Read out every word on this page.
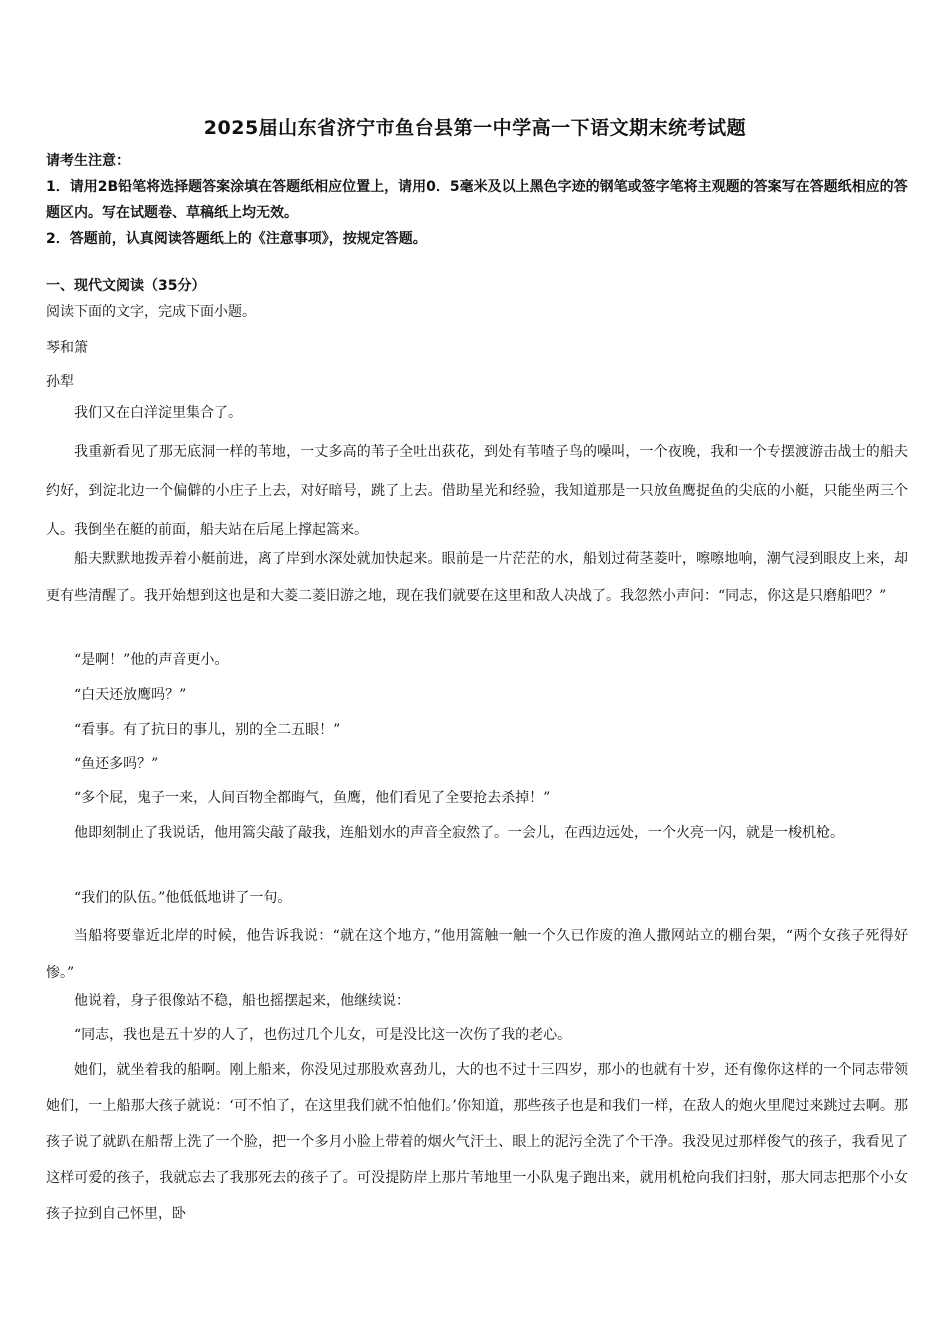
2025届山东省济宁市鱼台县第一中学高一下语文期末统考试题
请考生注意：

1．请用2B铅笔将选择题答案涂填在答题纸相应位置上，请用0．5毫米及以上黑色字迹的钢笔或签字笔将主观题的答案写在答题纸相应的答题区内。写在试题卷、草稿纸上均无效。

2．答题前，认真阅读答题纸上的《注意事项》，按规定答题。

一、现代文阅读（35分）
阅读下面的文字，完成下面小题。
琴和箫
孙犁

我们又在白洋淀里集合了。

我重新看见了那无底洞一样的苇地，一丈多高的苇子全吐出荻花，到处有苇喳子鸟的噪叫，一个夜晚，我和一个专摆渡游击战士的船夫约好，到淀北边一个偏僻的小庄子上去，对好暗号，跳了上去。借助星光和经验，我知道那是一只放鱼鹰捉鱼的尖底的小艇，只能坐两三个人。我倒坐在艇的前面，船夫站在后尾上撑起篙来。

船夫默默地拨弄着小艇前进，离了岸到水深处就加快起来。眼前是一片茫茫的水，船划过荷茎菱叶，嚓嚓地响，潮气浸到眼皮上来，却更有些清醒了。我开始想到这也是和大菱二菱旧游之地，现在我们就要在这里和敌人决战了。我忽然小声问：“同志，你这是只磨船吧？”

“是啊！”他的声音更小。

“白天还放鹰吗？”

“看事。有了抗日的事儿，别的全二五眼！”

“鱼还多吗？”

“多个屁，鬼子一来，人间百物全都晦气，鱼鹰，他们看见了全要抢去杀掉！”

他即刻制止了我说话，他用篙尖敲了敲我，连船划水的声音全寂然了。一会儿，在西边远处，一个火亮一闪，就是一梭机枪。

“我们的队伍。”他低低地讲了一句。

当船将要靠近北岸的时候，他告诉我说：“就在这个地方，”他用篙触一触一个久已作废的渔人撒网站立的棚台架，“两个女孩子死得好惨。”

他说着，身子很像站不稳，船也摇摆起来，他继续说：

“同志，我也是五十岁的人了，也伤过几个儿女，可是没比这一次伤了我的老心。

她们，就坐着我的船啊。刚上船来，你没见过那股欢喜劲儿，大的也不过十三四岁，那小的也就有十岁，还有像你这样的一个同志带领她们，一上船那大孩子就说：‘可不怕了，在这里我们就不怕他们。’你知道，那些孩子也是和我们一样，在敌人的炮火里爬过来跳过去啊。那孩子说了就趴在船帮上洗了一个脸，把一个多月小脸上带着的烟火气汗土、眼上的泥污全洗了个干净。我没见过那样俊气的孩子，我看见了这样可爱的孩子，我就忘去了我那死去的孩子了。可没提防岸上那片苇地里一小队鬼子跑出来，就用机枪向我们扫射，那大同志把那个小女孩子拉到自己怀里，卧
